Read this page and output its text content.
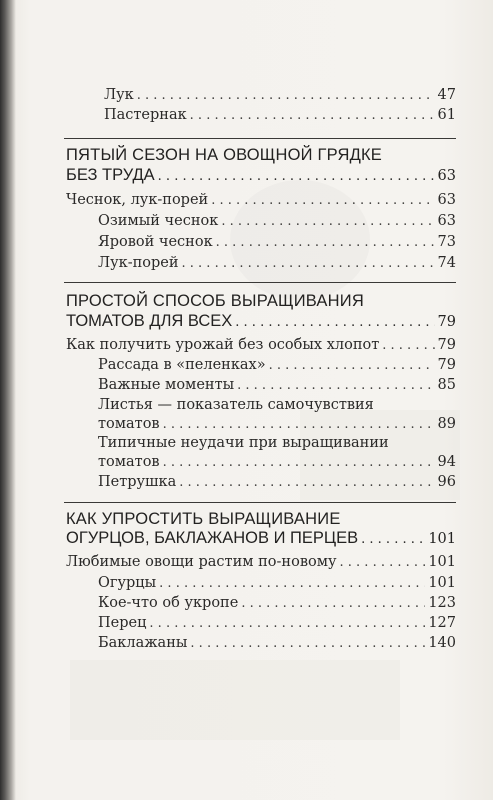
Лук . . .	47
Пастернак . . .	61
ПЯТЫЙ СЕЗОН НА ОВОЩНОЙ ГРЯДКЕ
БЕЗ ТРУДА . . .	63
Чеснок, лук-порей . . .	63
Озимый чеснок . . .	63
Яровой чеснок . . .	73
Лук-порей . . .	74
ПРОСТОЙ СПОСОБ ВЫРАЩИВАНИЯ
ТОМАТОВ ДЛЯ ВСЕХ . . .	79
Как получить урожай без особых хлопот . . .	79
Рассада в «пеленках» . . .	79
Важные моменты . . .	85
Листья — показатель самочувствия
томатов . . .	89
Типичные неудачи при выращивании
томатов . . .	94
Петрушка . . .	96
КАК УПРОСТИТЬ ВЫРАЩИВАНИЕ
ОГУРЦОВ, БАКЛАЖАНОВ И ПЕРЦЕВ . . .	101
Любимые овощи растим по-новому . . .	101
Огурцы . . .	101
Кое-что об укропе . . .	123
Перец . . .	127
Баклажаны . . .	140
